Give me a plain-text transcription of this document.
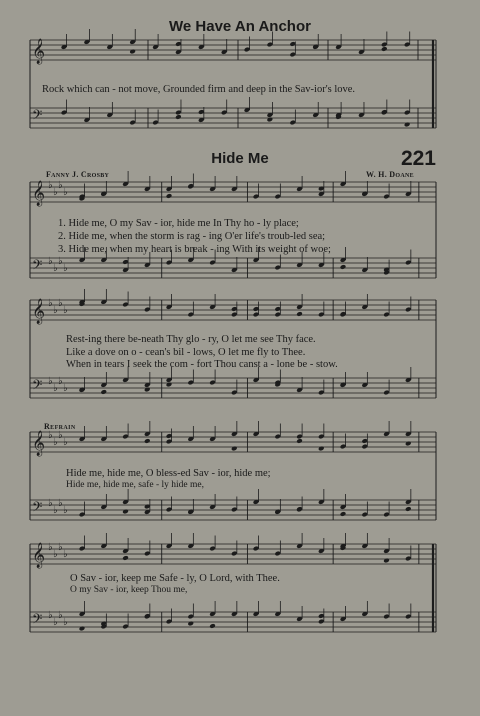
𝄞
𝄢
𝄞 ♭
♭
♭
♭
𝄢 ♭
♭
♭
♭
𝄞 ♭
♭
♭
♭
𝄢 ♭
♭
♭
♭
𝄞 ♭
♭
♭
♭
𝄢 ♭
♭
♭
♭
𝄞 ♭
♭
♭
♭
𝄢 ♭
♭
♭
♭
We Have An Anchor
Rock which can - not move, Grounded firm and deep in the Sav-ior's love.
Hide Me	221
Fanny J. Crosby	W. H. Doane
1. Hide me, O my Sav - ior, hide me In Thy ho - ly place;
2. Hide me, when the storm is rag - ing O'er life's troub-led sea;
3. Hide me, when my heart is break - ing With its weight of woe;
Rest-ing there be-neath Thy glo - ry, O let me see Thy face.
Like a dove on o - cean's bil - lows, O let me fly to Thee.
When in tears I seek the com - fort Thou canst a - lone be - stow.
Refrain
Hide me, hide me, O bless-ed Sav - ior, hide me;
Hide me, hide me, safe - ly hide me,
O Sav - ior, keep me Safe - ly, O Lord, with Thee.
O my Sav - ior, keep Thou me,
